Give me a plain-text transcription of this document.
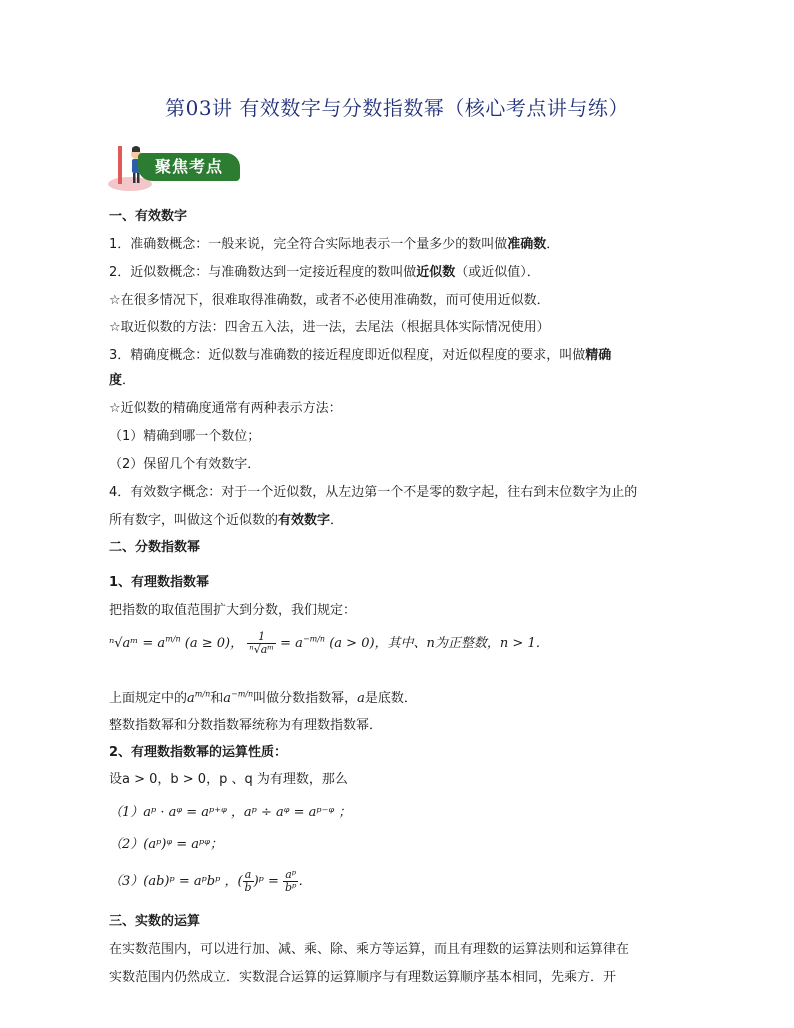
第03讲 有效数字与分数指数幂（核心考点讲与练）
聚焦考点
一、有效数字
1．准确数概念：一般来说，完全符合实际地表示一个量多少的数叫做准确数．
2．近似数概念：与准确数达到一定接近程度的数叫做近似数（或近似值）．
☆在很多情况下，很难取得准确数，或者不必使用准确数，而可使用近似数．
☆取近似数的方法：四舍五入法，进一法，去尾法（根据具体实际情况使用）
3．精确度概念：近似数与准确数的接近程度即近似程度，对近似程度的要求，叫做精确
度．
☆近似数的精确度通常有两种表示方法：
（1）精确到哪一个数位；
（2）保留几个有效数字．
4．有效数字概念：对于一个近似数，从左边第一个不是零的数字起，往右到末位数字为止的
所有数字，叫做这个近似数的有效数字．
二、分数指数幂
1、有理数指数幂
把指数的取值范围扩大到分数，我们规定：
ⁿ√aᵐ = $a^{m/n}$ (a ≥ 0)， $\frac{1}{\text{ⁿ√aᵐ}} = a^{-m/n}$ (a > 0)，其中、n为正整数，n > 1．
上面规定中的$a^{m/n}$和$a^{-m/n}$叫做分数指数幂，a是底数．
整数指数幂和分数指数幂统称为有理数指数幂．
2、有理数指数幂的运算性质：
设a > 0，b > 0，p 、q 为有理数，那么
（1）aᵖ · aᵠ = aᵖ⁺ᵠ ，aᵖ ÷ aᵠ = aᵖ⁻ᵠ ；
（2）(aᵖ)ᵠ = aᵖᵠ；
（3）(ab)ᵖ = aᵖbᵖ ，( $\frac{a}{b}$ )ᵖ = $\frac{\text{aᵖ}}{\text{bᵖ}}$ ．
三、实数的运算
在实数范围内，可以进行加、减、乘、除、乘方等运算，而且有理数的运算法则和运算律在
实数范围内仍然成立．实数混合运算的运算顺序与有理数运算顺序基本相同，先乘方．开
